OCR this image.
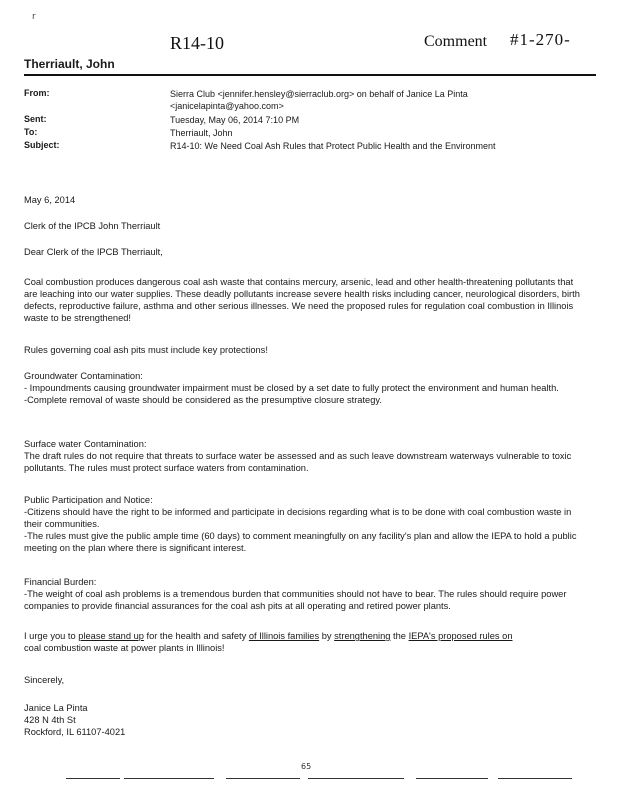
r
R14-10	Comment #1-270-
Therriault, John
From:	Sierra Club <jennifer.hensley@sierraclub.org> on behalf of Janice La Pinta
<janicelapinta@yahoo.com>
Sent:	Tuesday, May 06, 2014 7:10 PM
To:	Therriault, John
Subject:	R14-10: We Need Coal Ash Rules that Protect Public Health and the Environment

May 6, 2014

Clerk of the IPCB John Therriault

Dear Clerk of the IPCB Therriault,

Coal combustion produces dangerous coal ash waste that contains mercury, arsenic, lead and other health-threatening pollutants that are leaching into our water supplies. These deadly pollutants increase severe health risks including cancer, neurological disorders, birth defects, reproductive failure, asthma and other serious illnesses. We need the proposed rules for regulation coal combustion in Illinois waste to be strengthened!

Rules governing coal ash pits must include key protections!

Groundwater Contamination:

- Impoundments causing groundwater impairment must be closed by a set date to fully protect the environment and human health.
-Complete removal of waste should be considered as the presumptive closure strategy.

Surface water Contamination:

The draft rules do not require that threats to surface water be assessed and as such leave downstream waterways vulnerable to toxic pollutants. The rules must protect surface waters from contamination.

Public Participation and Notice:

-Citizens should have the right to be informed and participate in decisions regarding what is to be done with coal combustion waste in their communities.
-The rules must give the public ample time (60 days) to comment meaningfully on any facility's plan and allow the IEPA to hold a public meeting on the plan where there is significant interest.

Financial Burden:

-The weight of coal ash problems is a tremendous burden that communities should not have to bear. The rules should require power companies to provide financial assurances for the coal ash pits at all operating and retired power plants.

I urge you to please stand up for the health and safety of Illinois families by strengthening the IEPA's proposed rules on
coal combustion waste at power plants in Illinois!

Sincerely,

Janice La Pinta

428 N 4th St

Rockford, IL 61107-4021

65
